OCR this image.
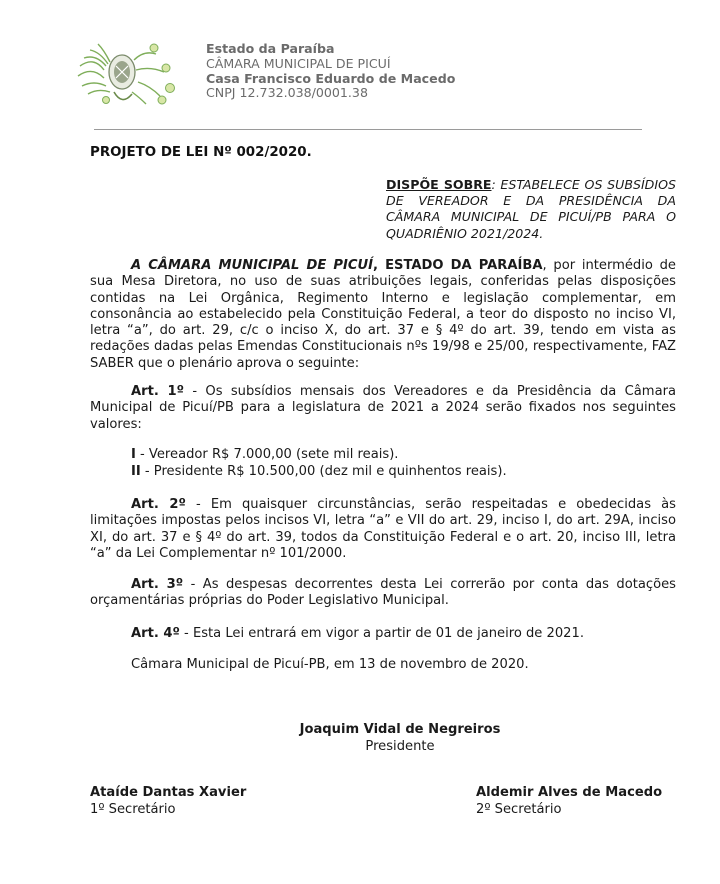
Estado da Paraíba
CÂMARA MUNICIPAL DE PICUÍ
Casa Francisco Eduardo de Macedo
CNPJ 12.732.038/0001.38
PROJETO DE LEI Nº 002/2020.
DISPÕE SOBRE: ESTABELECE OS SUBSÍDIOS DE VEREADOR E DA PRESIDÊNCIA DA CÂMARA MUNICIPAL DE PICUÍ/PB PARA O QUADRIÊNIO 2021/2024.
A CÂMARA MUNICIPAL DE PICUÍ, ESTADO DA PARAÍBA, por intermédio de sua Mesa Diretora, no uso de suas atribuições legais, conferidas pelas disposições contidas na Lei Orgânica, Regimento Interno e legislação complementar, em consonância ao estabelecido pela Constituição Federal, a teor do disposto no inciso VI, letra “a”, do art. 29, c/c o inciso X, do art. 37 e § 4º do art. 39, tendo em vista as redações dadas pelas Emendas Constitucionais nºs 19/98 e 25/00, respectivamente, FAZ SABER que o plenário aprova o seguinte:
Art. 1º - Os subsídios mensais dos Vereadores e da Presidência da Câmara Municipal de Picuí/PB para a legislatura de 2021 a 2024 serão fixados nos seguintes valores:
I - Vereador R$ 7.000,00 (sete mil reais).
II - Presidente R$ 10.500,00 (dez mil e quinhentos reais).
Art. 2º - Em quaisquer circunstâncias, serão respeitadas e obedecidas às limitações impostas pelos incisos VI, letra “a” e VII do art. 29, inciso I, do art. 29A, inciso XI, do art. 37 e § 4º do art. 39, todos da Constituição Federal e o art. 20, inciso III, letra “a” da Lei Complementar nº 101/2000.
Art. 3º - As despesas decorrentes desta Lei correrão por conta das dotações orçamentárias próprias do Poder Legislativo Municipal.
Art. 4º - Esta Lei entrará em vigor a partir de 01 de janeiro de 2021.
Câmara Municipal de Picuí-PB, em 13 de novembro de 2020.
Joaquim Vidal de Negreiros
Presidente
Ataíde Dantas Xavier
1º Secretário
Aldemir Alves de Macedo
2º Secretário
